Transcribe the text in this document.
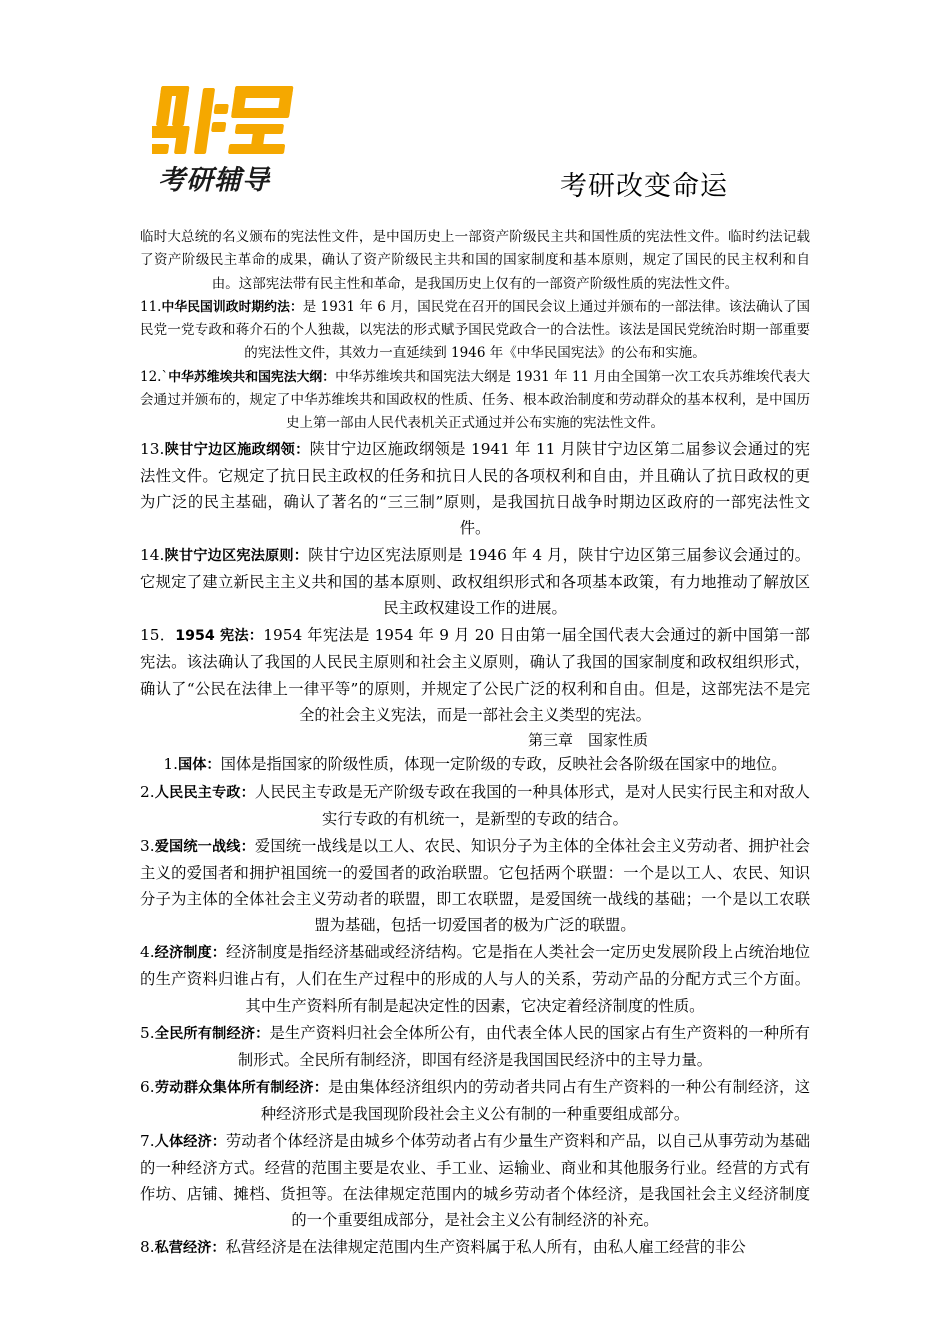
考研辅导	考研改变命运

临时大总统的名义颁布的宪法性文件，是中国历史上一部资产阶级民主共和国性质的宪法性文件。临时约法记载了资产阶级民主革命的成果，确认了资产阶级民主共和国的国家制度和基本原则，规定了国民的民主权利和自由。这部宪法带有民主性和革命，是我国历史上仅有的一部资产阶级性质的宪法性文件。

11.中华民国训政时期约法：是 1931 年 6 月，国民党在召开的国民会议上通过并颁布的一部法律。该法确认了国民党一党专政和蒋介石的个人独裁，以宪法的形式赋予国民党政合一的合法性。该法是国民党统治时期一部重要的宪法性文件，其效力一直延续到 1946 年《中华民国宪法》的公布和实施。

12.`中华苏维埃共和国宪法大纲：中华苏维埃共和国宪法大纲是 1931 年 11 月由全国第一次工农兵苏维埃代表大会通过并颁布的，规定了中华苏维埃共和国政权的性质、任务、根本政治制度和劳动群众的基本权利，是中国历史上第一部由人民代表机关正式通过并公布实施的宪法性文件。

13.陕甘宁边区施政纲领：陕甘宁边区施政纲领是 1941 年 11 月陕甘宁边区第二届参议会通过的宪法性文件。它规定了抗日民主政权的任务和抗日人民的各项权利和自由，并且确认了抗日政权的更为广泛的民主基础，确认了著名的“三三制”原则，是我国抗日战争时期边区政府的一部宪法性文件。

14.陕甘宁边区宪法原则：陕甘宁边区宪法原则是 1946 年 4 月，陕甘宁边区第三届参议会通过的。它规定了建立新民主主义共和国的基本原则、政权组织形式和各项基本政策，有力地推动了解放区民主政权建设工作的进展。

15．1954 宪法：1954 年宪法是 1954 年 9 月 20 日由第一届全国代表大会通过的新中国第一部宪法。该法确认了我国的人民民主原则和社会主义原则，确认了我国的国家制度和政权组织形式，确认了“公民在法律上一律平等”的原则，并规定了公民广泛的权利和自由。但是，这部宪法不是完全的社会主义宪法，而是一部社会主义类型的宪法。

第三章　国家性质

1.国体：国体是指国家的阶级性质，体现一定阶级的专政，反映社会各阶级在国家中的地位。

2.人民民主专政：人民民主专政是无产阶级专政在我国的一种具体形式，是对人民实行民主和对敌人实行专政的有机统一，是新型的专政的结合。

3.爱国统一战线：爱国统一战线是以工人、农民、知识分子为主体的全体社会主义劳动者、拥护社会主义的爱国者和拥护祖国统一的爱国者的政治联盟。它包括两个联盟：一个是以工人、农民、知识分子为主体的全体社会主义劳动者的联盟，即工农联盟，是爱国统一战线的基础；一个是以工农联盟为基础，包括一切爱国者的极为广泛的联盟。

4.经济制度：经济制度是指经济基础或经济结构。它是指在人类社会一定历史发展阶段上占统治地位的生产资料归谁占有，人们在生产过程中的形成的人与人的关系，劳动产品的分配方式三个方面。其中生产资料所有制是起决定性的因素，它决定着经济制度的性质。

5.全民所有制经济：是生产资料归社会全体所公有，由代表全体人民的国家占有生产资料的一种所有制形式。全民所有制经济，即国有经济是我国国民经济中的主导力量。

6.劳动群众集体所有制经济：是由集体经济组织内的劳动者共同占有生产资料的一种公有制经济，这种经济形式是我国现阶段社会主义公有制的一种重要组成部分。

7.人体经济：劳动者个体经济是由城乡个体劳动者占有少量生产资料和产品，以自己从事劳动为基础的一种经济方式。经营的范围主要是农业、手工业、运输业、商业和其他服务行业。经营的方式有作坊、店铺、摊档、货担等。在法律规定范围内的城乡劳动者个体经济，是我国社会主义经济制度的一个重要组成部分，是社会主义公有制经济的补充。

8.私营经济：私营经济是在法律规定范围内生产资料属于私人所有，由私人雇工经营的非公
